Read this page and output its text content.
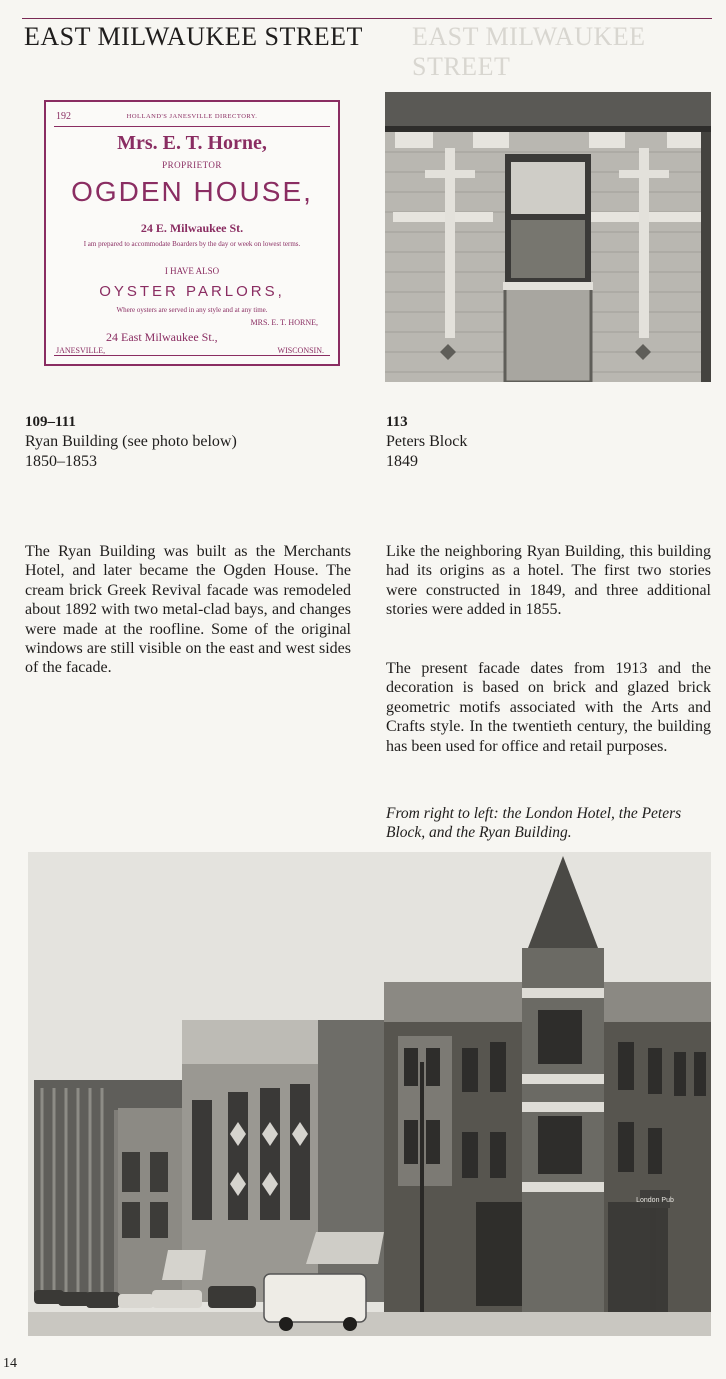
EAST MILWAUKEE STREET EAST MILWAUKEE STREET
192	HOLLAND'S JANESVILLE DIRECTORY.
Mrs. E. T. Horne,
PROPRIETOR
OGDEN HOUSE,
24 E. Milwaukee St.
I am prepared to accommodate Boarders by the day or week on lowest terms.
I HAVE ALSO
OYSTER PARLORS,
Where oysters are served in any style and at any time.
MRS. E. T. HORNE,
24 East Milwaukee St.,
JANESVILLE,	WISCONSIN.
109–111
Ryan Building (see photo below)
1850–1853

The Ryan Building was built as the Merchants Hotel, and later became the Ogden House. The cream brick Greek Revival facade was remodeled about 1892 with two metal-clad bays, and changes were made at the roofline. Some of the original windows are still visible on the east and west sides of the facade.

113
Peters Block
1849

Like the neighboring Ryan Building, this building had its origins as a hotel. The first two stories were constructed in 1849, and three additional stories were added in 1855.

The present facade dates from 1913 and the decoration is based on brick and glazed brick geometric motifs associated with the Arts and Crafts style. In the twentieth century, the building has been used for office and retail purposes.

From right to left: the London Hotel, the Peters Block, and the Ryan Building.

London Pub
14
